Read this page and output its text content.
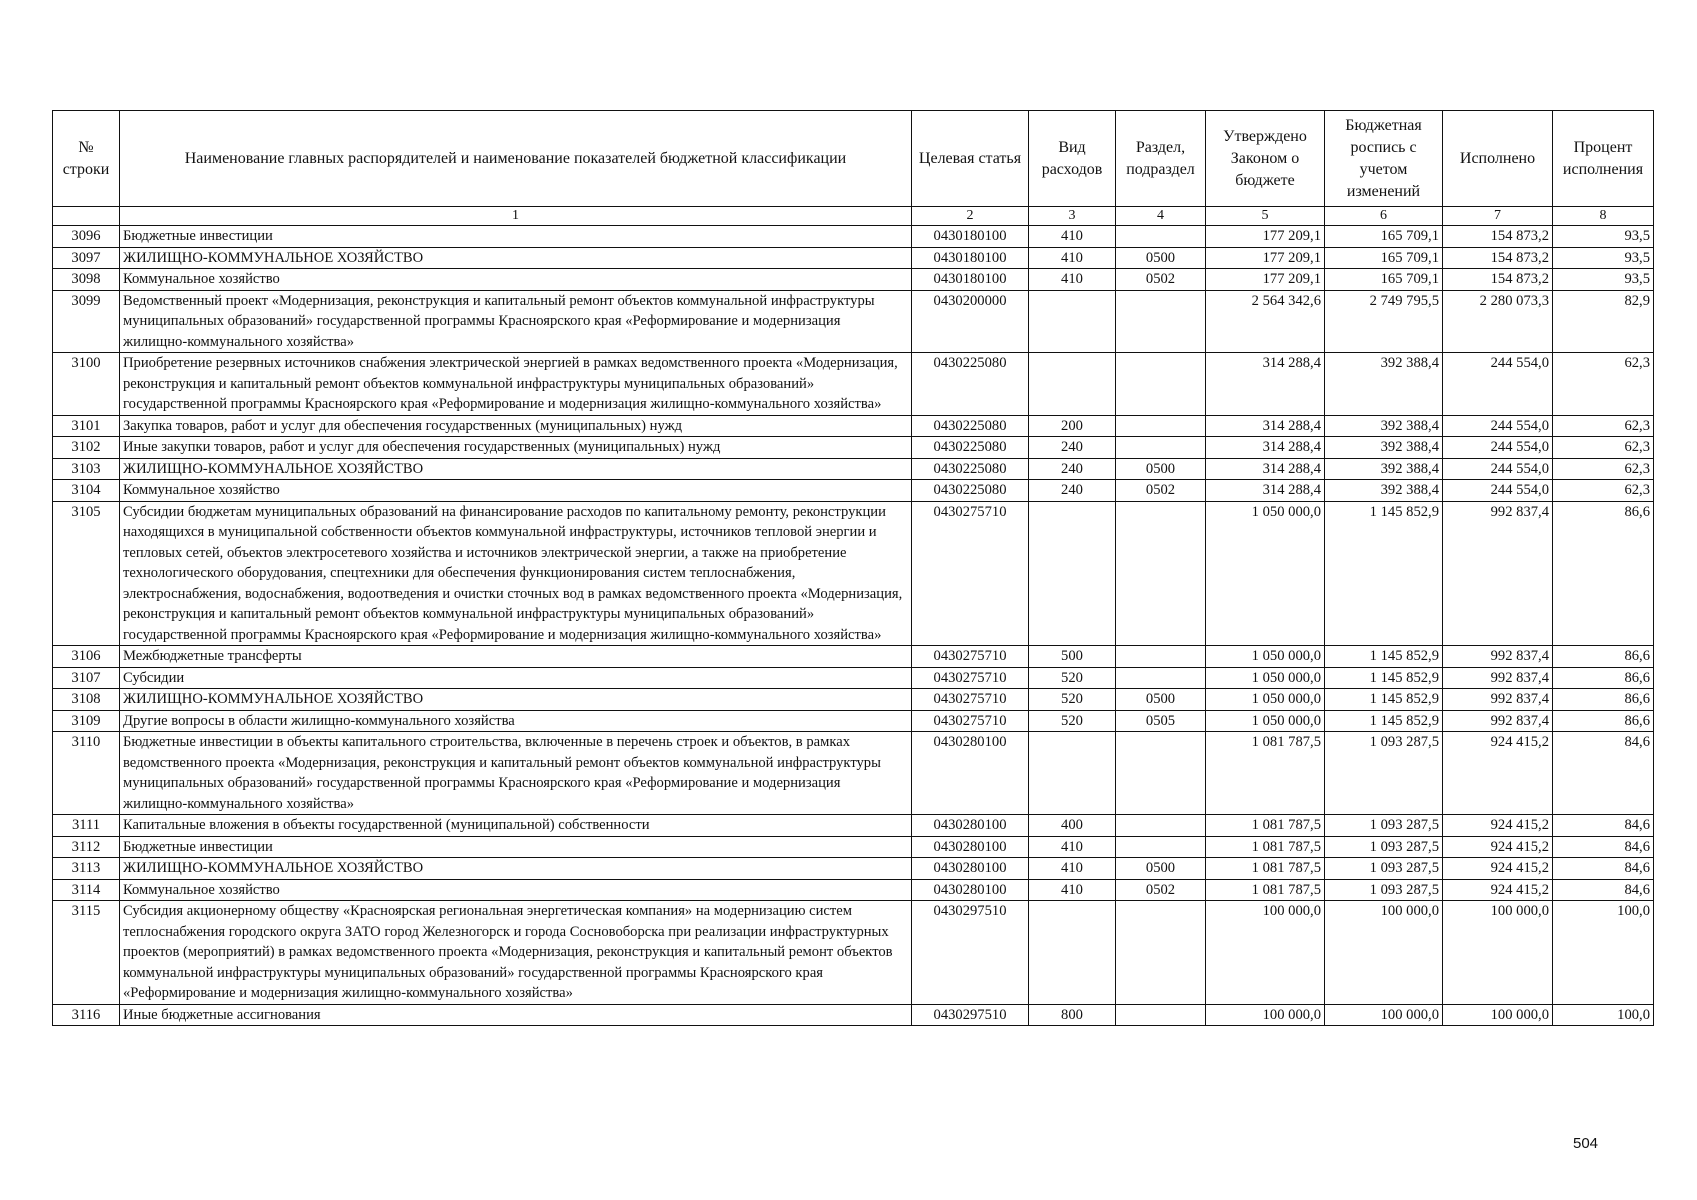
№ строки	Наименование главных распорядителей и наименование показателей бюджетной классификации	Целевая статья	Вид расходов	Раздел, подраздел	Утверждено Законом о бюджете	Бюджетная роспись с учетом изменений	Исполнено	Процент исполнения
	1	2	3	4	5	6	7	8
3096	Бюджетные инвестиции	0430180100	410		177 209,1	165 709,1	154 873,2	93,5
3097	ЖИЛИЩНО-КОММУНАЛЬНОЕ ХОЗЯЙСТВО	0430180100	410	0500	177 209,1	165 709,1	154 873,2	93,5
3098	Коммунальное хозяйство	0430180100	410	0502	177 209,1	165 709,1	154 873,2	93,5
3099	Ведомственный проект «Модернизация, реконструкция и капитальный ремонт объектов коммунальной инфраструктуры муниципальных образований» государственной программы Красноярского края «Реформирование и модернизация жилищно-коммунального хозяйства»	0430200000			2 564 342,6	2 749 795,5	2 280 073,3	82,9
3100	Приобретение резервных источников снабжения электрической энергией в рамках ведомственного проекта «Модернизация, реконструкция и капитальный ремонт объектов коммунальной инфраструктуры муниципальных образований» государственной программы Красноярского края «Реформирование и модернизация жилищно-коммунального хозяйства»	0430225080			314 288,4	392 388,4	244 554,0	62,3
3101	Закупка товаров, работ и услуг для обеспечения государственных (муниципальных) нужд	0430225080	200		314 288,4	392 388,4	244 554,0	62,3
3102	Иные закупки товаров, работ и услуг для обеспечения государственных (муниципальных) нужд	0430225080	240		314 288,4	392 388,4	244 554,0	62,3
3103	ЖИЛИЩНО-КОММУНАЛЬНОЕ ХОЗЯЙСТВО	0430225080	240	0500	314 288,4	392 388,4	244 554,0	62,3
3104	Коммунальное хозяйство	0430225080	240	0502	314 288,4	392 388,4	244 554,0	62,3
3105	Субсидии бюджетам муниципальных образований на финансирование расходов по капитальному ремонту, реконструкции находящихся в муниципальной собственности объектов коммунальной инфраструктуры, источников тепловой энергии и тепловых сетей, объектов электросетевого хозяйства и источников электрической энергии, а также на приобретение технологического оборудования, спецтехники для обеспечения функционирования систем теплоснабжения, электроснабжения, водоснабжения, водоотведения и очистки сточных вод в рамках ведомственного проекта «Модернизация, реконструкция и капитальный ремонт объектов коммунальной инфраструктуры муниципальных образований» государственной программы Красноярского края «Реформирование и модернизация жилищно-коммунального хозяйства»	0430275710			1 050 000,0	1 145 852,9	992 837,4	86,6
3106	Межбюджетные трансферты	0430275710	500		1 050 000,0	1 145 852,9	992 837,4	86,6
3107	Субсидии	0430275710	520		1 050 000,0	1 145 852,9	992 837,4	86,6
3108	ЖИЛИЩНО-КОММУНАЛЬНОЕ ХОЗЯЙСТВО	0430275710	520	0500	1 050 000,0	1 145 852,9	992 837,4	86,6
3109	Другие вопросы в области жилищно-коммунального хозяйства	0430275710	520	0505	1 050 000,0	1 145 852,9	992 837,4	86,6
3110	Бюджетные инвестиции в объекты капитального строительства, включенные в перечень строек и объектов, в рамках ведомственного проекта «Модернизация, реконструкция и капитальный ремонт объектов коммунальной инфраструктуры муниципальных образований» государственной программы Красноярского края «Реформирование и модернизация жилищно-коммунального хозяйства»	0430280100			1 081 787,5	1 093 287,5	924 415,2	84,6
3111	Капитальные вложения в объекты государственной (муниципальной) собственности	0430280100	400		1 081 787,5	1 093 287,5	924 415,2	84,6
3112	Бюджетные инвестиции	0430280100	410		1 081 787,5	1 093 287,5	924 415,2	84,6
3113	ЖИЛИЩНО-КОММУНАЛЬНОЕ ХОЗЯЙСТВО	0430280100	410	0500	1 081 787,5	1 093 287,5	924 415,2	84,6
3114	Коммунальное хозяйство	0430280100	410	0502	1 081 787,5	1 093 287,5	924 415,2	84,6
3115	Субсидия акционерному обществу «Красноярская региональная энергетическая компания» на модернизацию систем теплоснабжения городского округа ЗАТО город Железногорск и города Сосновоборска при реализации инфраструктурных проектов (мероприятий) в рамках ведомственного проекта «Модернизация, реконструкция и капитальный ремонт объектов коммунальной инфраструктуры муниципальных образований» государственной программы Красноярского края «Реформирование и модернизация жилищно-коммунального хозяйства»	0430297510			100 000,0	100 000,0	100 000,0	100,0
3116	Иные бюджетные ассигнования	0430297510	800		100 000,0	100 000,0	100 000,0	100,0
504
